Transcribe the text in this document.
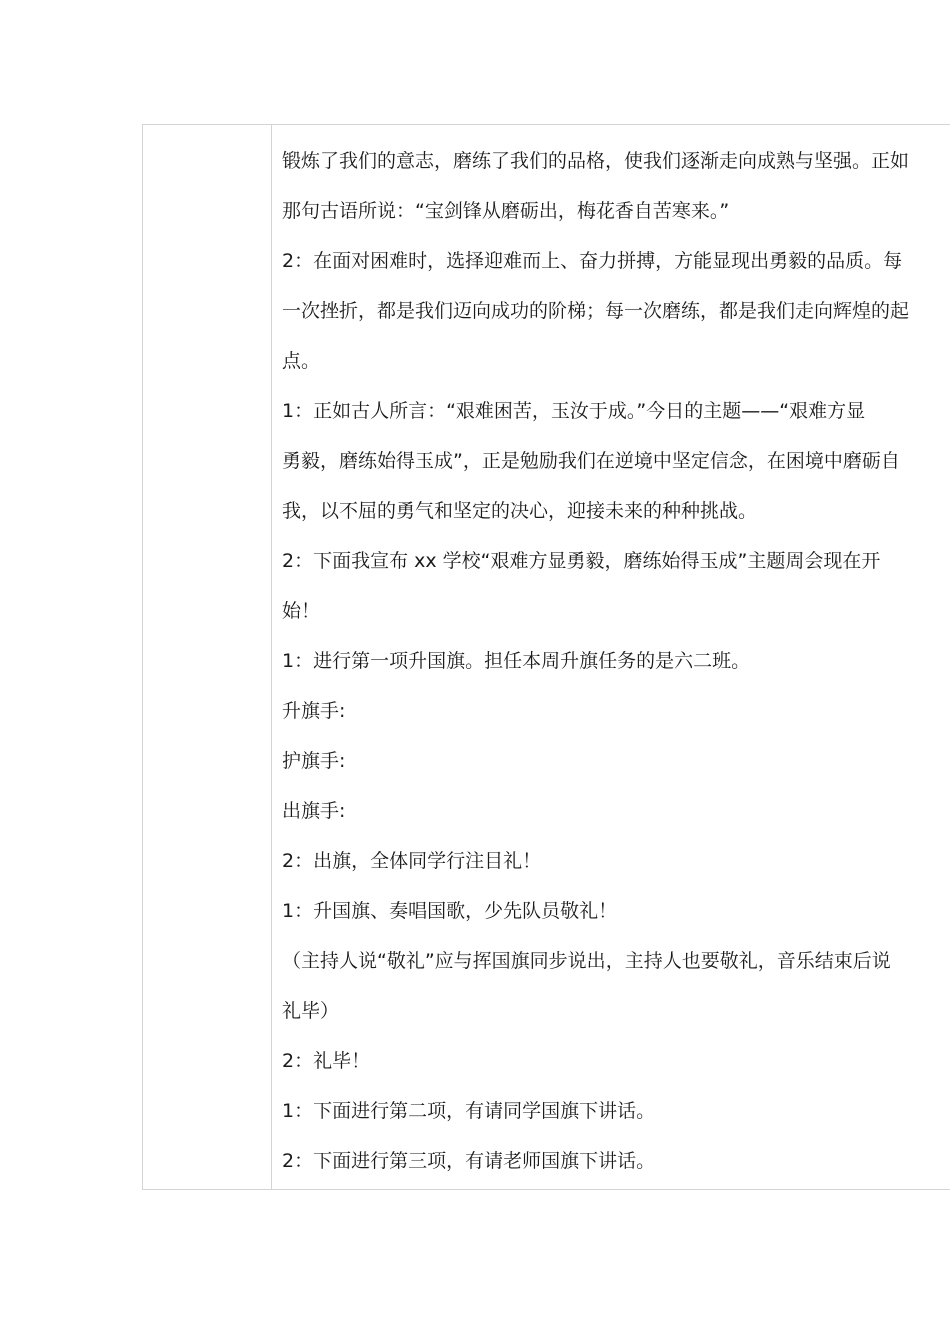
锻炼了我们的意志，磨练了我们的品格，使我们逐渐走向成熟与坚强。正如
那句古语所说：“宝剑锋从磨砺出，梅花香自苦寒来。”
2：在面对困难时，选择迎难而上、奋力拼搏，方能显现出勇毅的品质。每
一次挫折，都是我们迈向成功的阶梯；每一次磨练，都是我们走向辉煌的起
点。
1：正如古人所言：“艰难困苦，玉汝于成。”今日的主题——“艰难方显
勇毅，磨练始得玉成”，正是勉励我们在逆境中坚定信念，在困境中磨砺自
我，以不屈的勇气和坚定的决心，迎接未来的种种挑战。
2：下面我宣布 xx 学校“艰难方显勇毅，磨练始得玉成”主题周会现在开
始！
1：进行第一项升国旗。担任本周升旗任务的是六二班。
升旗手:
护旗手:
出旗手:
2：出旗，全体同学行注目礼！
1：升国旗、奏唱国歌，少先队员敬礼！
（主持人说“敬礼”应与挥国旗同步说出，主持人也要敬礼，音乐结束后说
礼毕）
2：礼毕！
1：下面进行第二项，有请同学国旗下讲话。
2：下面进行第三项，有请老师国旗下讲话。
